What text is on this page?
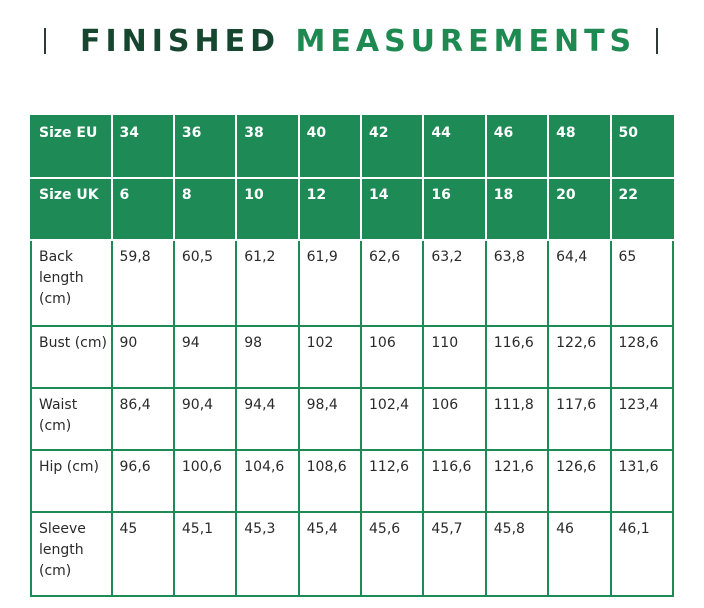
FINISHED MEASUREMENTS
Size EU	34	36	38	40	42	44	46	48	50
Size UK	6	8	10	12	14	16	18	20	22
Back length (cm)	59,8	60,5	61,2	61,9	62,6	63,2	63,8	64,4	65
Bust (cm)	90	94	98	102	106	110	116,6	122,6	128,6
Waist (cm)	86,4	90,4	94,4	98,4	102,4	106	111,8	117,6	123,4
Hip (cm)	96,6	100,6	104,6	108,6	112,6	116,6	121,6	126,6	131,6
Sleeve length (cm)	45	45,1	45,3	45,4	45,6	45,7	45,8	46	46,1
